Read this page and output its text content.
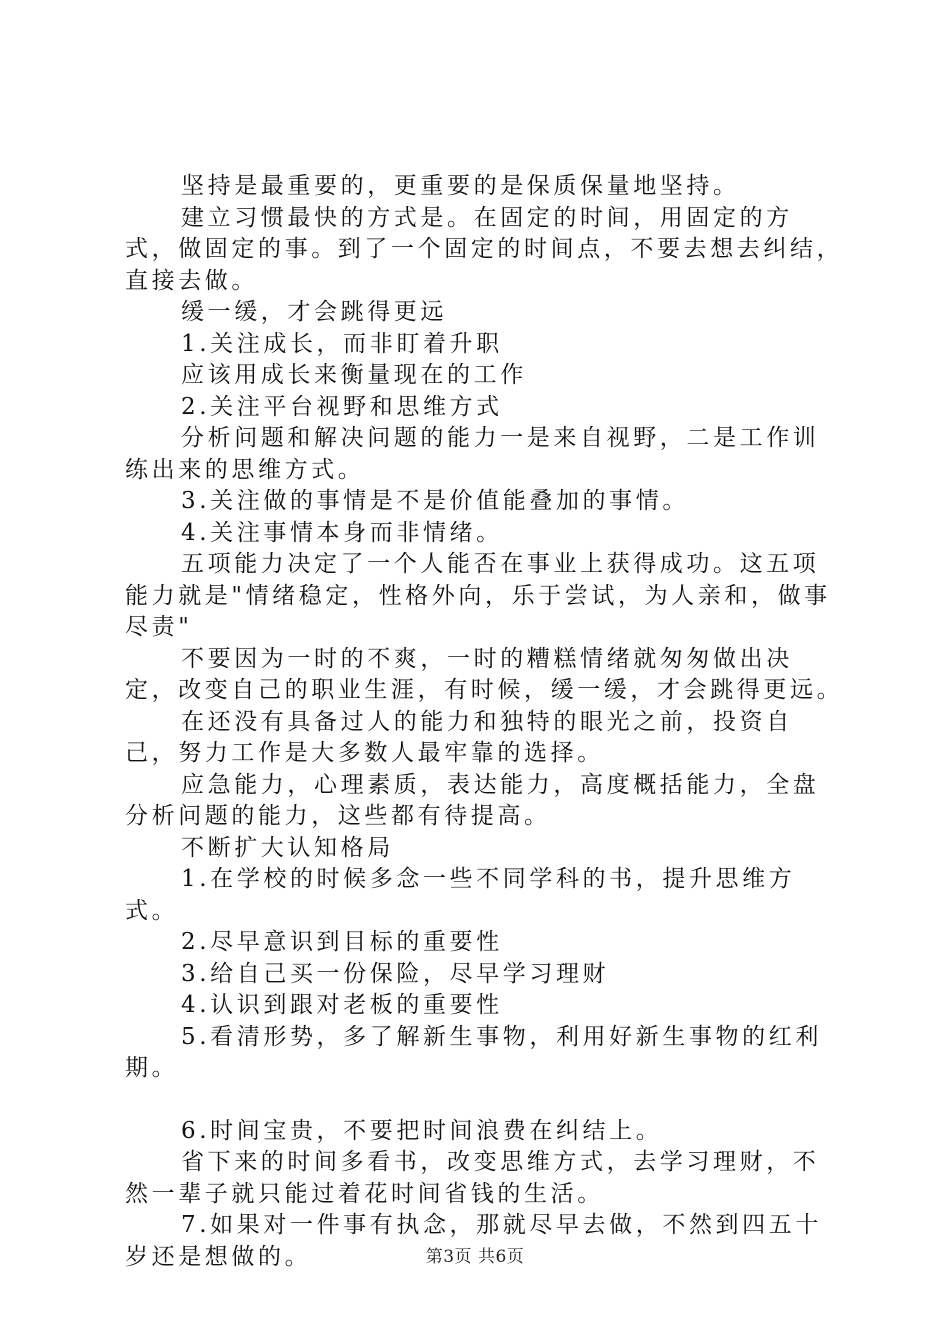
坚持是最重要的，更重要的是保质保量地坚持。

建立习惯最快的方式是。在固定的时间，用固定的方式，做固定的事。到了一个固定的时间点，不要去想去纠结，直接去做。

缓一缓，才会跳得更远

1.关注成长，而非盯着升职

应该用成长来衡量现在的工作

2.关注平台视野和思维方式

分析问题和解决问题的能力一是来自视野，二是工作训练出来的思维方式。

3.关注做的事情是不是价值能叠加的事情。

4.关注事情本身而非情绪。

五项能力决定了一个人能否在事业上获得成功。这五项能力就是"情绪稳定，性格外向，乐于尝试，为人亲和，做事尽责"

不要因为一时的不爽，一时的糟糕情绪就匆匆做出决定，改变自己的职业生涯，有时候，缓一缓，才会跳得更远。

在还没有具备过人的能力和独特的眼光之前，投资自己，努力工作是大多数人最牢靠的选择。

应急能力，心理素质，表达能力，高度概括能力，全盘分析问题的能力，这些都有待提高。

不断扩大认知格局

1.在学校的时候多念一些不同学科的书，提升思维方式。

2.尽早意识到目标的重要性

3.给自己买一份保险，尽早学习理财

4.认识到跟对老板的重要性

5.看清形势，多了解新生事物，利用好新生事物的红利期。

6.时间宝贵，不要把时间浪费在纠结上。

省下来的时间多看书，改变思维方式，去学习理财，不然一辈子就只能过着花时间省钱的生活。

7.如果对一件事有执念，那就尽早去做，不然到四五十岁还是想做的。	第3页 共6页
